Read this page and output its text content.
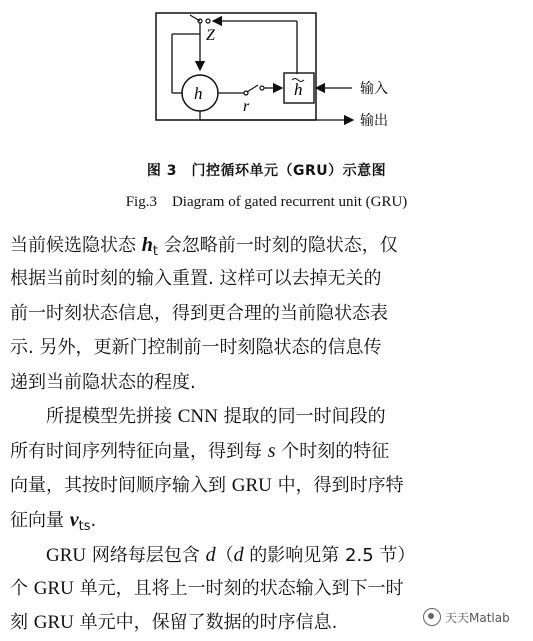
Z
h
r
h	输入
输出
图 3　门控循环单元（GRU）示意图
Fig.3　Diagram of gated recurrent unit (GRU)
当前候选隐状态 $h_t$ 会忽略前一时刻的隐状态，仅
根据当前时刻的输入重置. 这样可以去掉无关的
前一时刻状态信息，得到更合理的当前隐状态表
示. 另外，更新门控制前一时刻隐状态的信息传
递到当前隐状态的程度.
所提模型先拼接 CNN 提取的同一时间段的
所有时间序列特征向量，得到每 s 个时刻的特征
向量，其按时间顺序输入到 GRU 中，得到时序特
征向量 $v_{ts}$.
GRU 网络每层包含 d（d 的影响见第 2.5 节）
个 GRU 单元，且将上一时刻的状态输入到下一时
刻 GRU 单元中，保留了数据的时序信息.	天天Matlab
